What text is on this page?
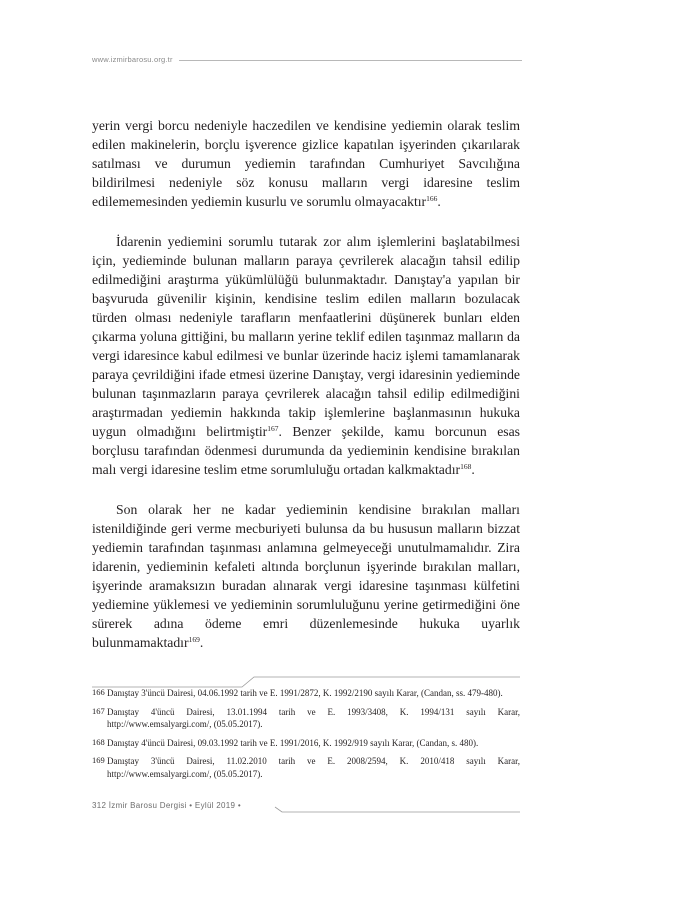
www.izmirbarosu.org.tr

yerin vergi borcu nedeniyle haczedilen ve kendisine yediemin olarak teslim edilen makinelerin, borçlu işverence gizlice kapatılan işyerinden çıkarılarak satılması ve durumun yediemin tarafından Cumhuriyet Savcılığına bildirilmesi nedeniyle söz konusu malların vergi idaresine teslim edilememesinden yediemin kusurlu ve sorumlu olmayacaktır$^{166}$.

İdarenin yediemini sorumlu tutarak zor alım işlemlerini başlatabilmesi için, yedieminde bulunan malların paraya çevrilerek alacağın tahsil edilip edilmediğini araştırma yükümlülüğü bulunmaktadır. Danıştay'a yapılan bir başvuruda güvenilir kişinin, kendisine teslim edilen malların bozulacak türden olması nedeniyle tarafların menfaatlerini düşünerek bunları elden çıkarma yoluna gittiğini, bu malların yerine teklif edilen taşınmaz malların da vergi idaresince kabul edilmesi ve bunlar üzerinde haciz işlemi tamamlanarak paraya çevrildiğini ifade etmesi üzerine Danıştay, vergi idaresinin yedieminde bulunan taşınmazların paraya çevrilerek alacağın tahsil edilip edilmediğini araştırmadan yediemin hakkında takip işlemlerine başlanmasının hukuka uygun olmadığını belirtmiştir$^{167}$. Benzer şekilde, kamu borcunun esas borçlusu tarafından ödenmesi durumunda da yedieminin kendisine bırakılan malı vergi idaresine teslim etme sorumluluğu ortadan kalkmaktadır$^{168}$.

Son olarak her ne kadar yedieminin kendisine bırakılan malları istenildiğinde geri verme mecburiyeti bulunsa da bu hususun malların bizzat yediemin tarafından taşınması anlamına gelmeyeceği unutulmamalıdır. Zira idarenin, yedieminin kefaleti altında borçlunun işyerinde bırakılan malları, işyerinde aramaksızın buradan alınarak vergi idaresine taşınması külfetini yediemine yüklemesi ve yedieminin sorumluluğunu yerine getirmediğini öne sürerek adına ödeme emri düzenlemesinde hukuka uyarlık bulunmamaktadır$^{169}$.

166 Danıştay 3'üncü Dairesi, 04.06.1992 tarih ve E. 1991/2872, K. 1992/2190 sayılı Karar, (Candan, ss. 479-480).
167 Danıştay 4'üncü Dairesi, 13.01.1994 tarih ve E. 1993/3408, K. 1994/131 sayılı Karar, http://www.emsalyargi.com/, (05.05.2017).
168 Danıştay 4'üncü Dairesi, 09.03.1992 tarih ve E. 1991/2016, K. 1992/919 sayılı Karar, (Candan, s. 480).
169 Danıştay 3'üncü Dairesi, 11.02.2010 tarih ve E. 2008/2594, K. 2010/418 sayılı Karar, http://www.emsalyargi.com/, (05.05.2017).
312 İzmir Barosu Dergisi • Eylül 2019 •
